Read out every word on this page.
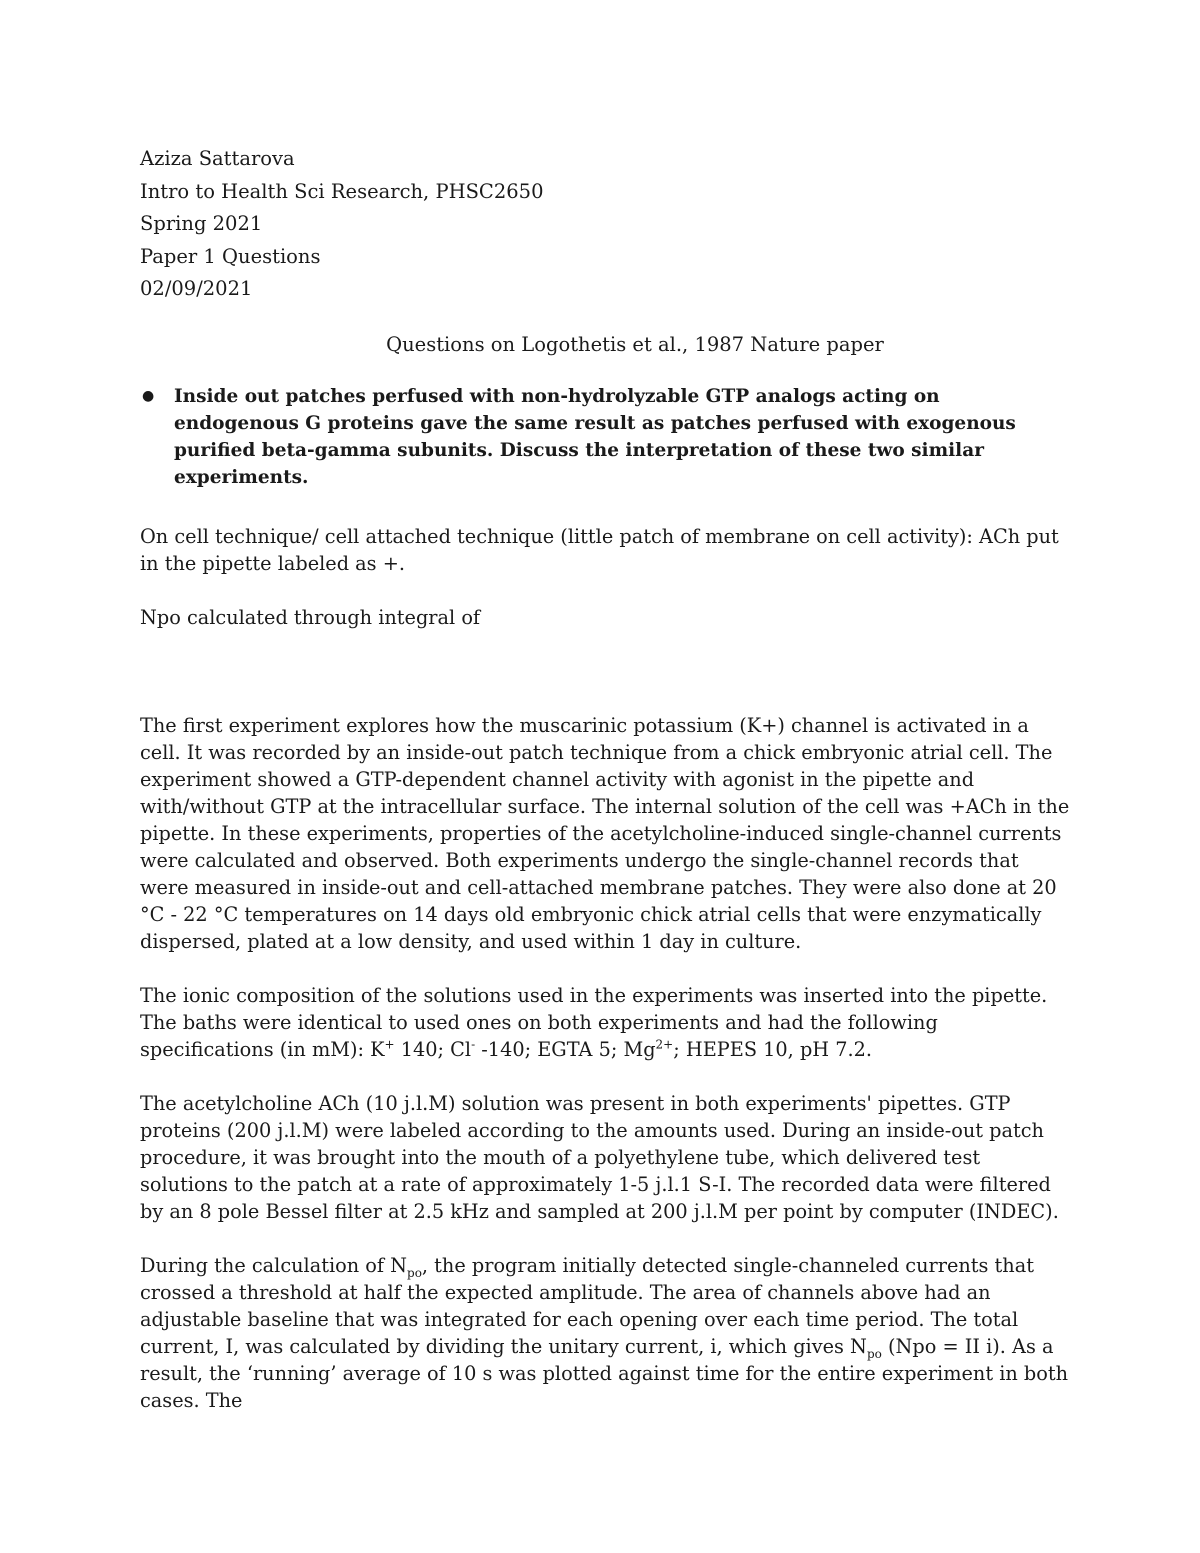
Aziza Sattarova

Intro to Health Sci Research, PHSC2650

Spring 2021

Paper 1 Questions

02/09/2021

Questions on Logothetis et al., 1987 Nature paper

● Inside out patches perfused with non-hydrolyzable GTP analogs acting on endogenous G proteins gave the same result as patches perfused with exogenous purified beta-gamma subunits. Discuss the interpretation of these two similar experiments.

On cell technique/ cell attached technique (little patch of membrane on cell activity): ACh put in the pipette labeled as +.

Npo calculated through integral of

The first experiment explores how the muscarinic potassium (K+) channel is activated in a cell. It was recorded by an inside-out patch technique from a chick embryonic atrial cell. The experiment showed a GTP-dependent channel activity with agonist in the pipette and with/without GTP at the intracellular surface. The internal solution of the cell was +ACh in the pipette. In these experiments, properties of the acetylcholine-induced single-channel currents were calculated and observed. Both experiments undergo the single-channel records that were measured in inside-out and cell-attached membrane patches. They were also done at 20 °C - 22 °C temperatures on 14 days old embryonic chick atrial cells that were enzymatically dispersed, plated at a low density, and used within 1 day in culture.

The ionic composition of the solutions used in the experiments was inserted into the pipette. The baths were identical to used ones on both experiments and had the following specifications (in mM): K+ 140; Cl- -140; EGTA 5; $Mg^{2+}$; HEPES 10, pH 7.2.

The acetylcholine ACh (10 j.l.M) solution was present in both experiments' pipettes. GTP proteins (200 j.l.M) were labeled according to the amounts used. During an inside-out patch procedure, it was brought into the mouth of a polyethylene tube, which delivered test solutions to the patch at a rate of approximately 1-5 j.l.1 S-I. The recorded data were filtered by an 8 pole Bessel filter at 2.5 kHz and sampled at 200 j.l.M per point by computer (INDEC).

During the calculation of $N_{po}$, the program initially detected single-channeled currents that crossed a threshold at half the expected amplitude. The area of channels above had an adjustable baseline that was integrated for each opening over each time period. The total current, I, was calculated by dividing the unitary current, i, which gives $N_{po}$ (Npo = II i). As a result, the ‘running’ average of 10 s was plotted against time for the entire experiment in both cases. The
